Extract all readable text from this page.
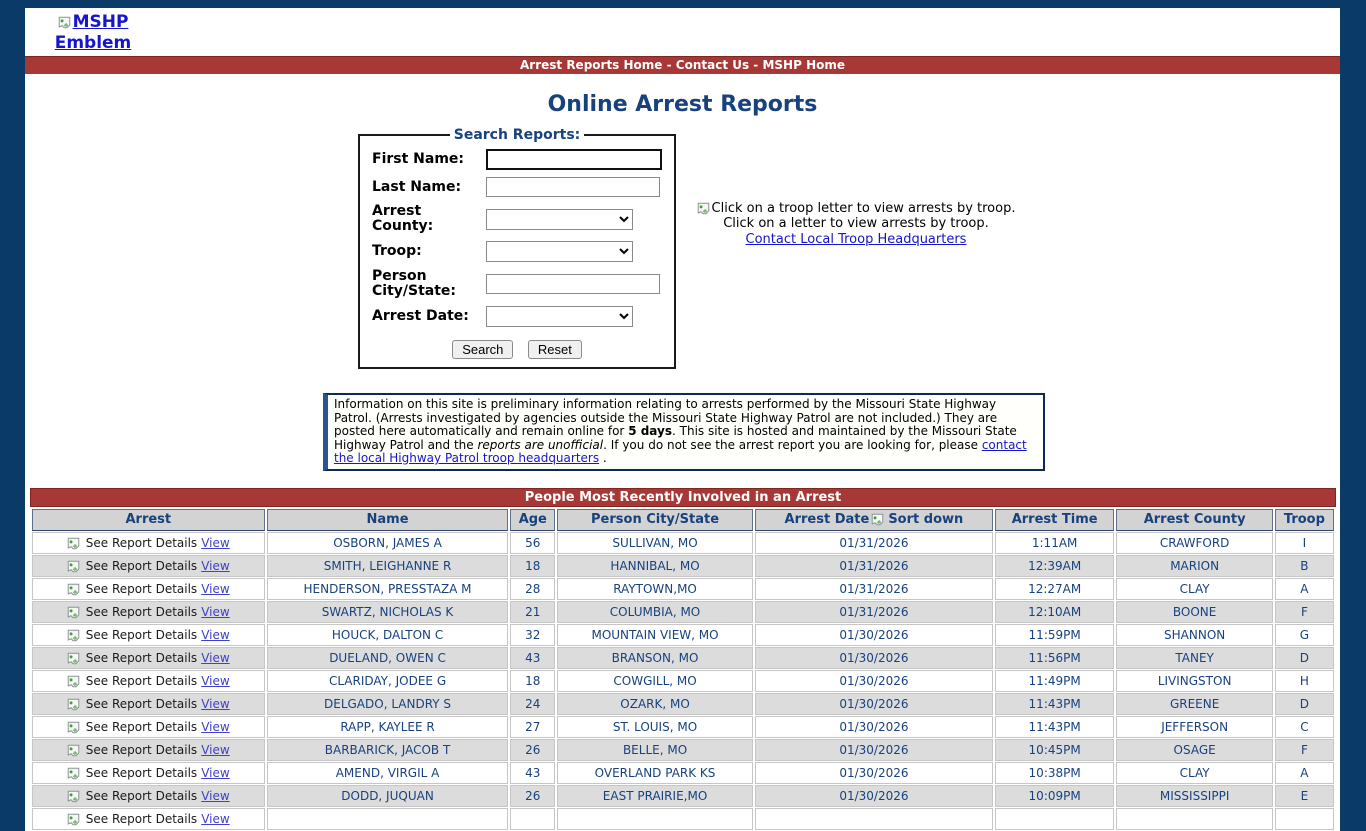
MSHP Emblem
Arrest Reports Home - Contact Us - MSHP Home
Online Arrest Reports
Search Reports:
First Name:
Last Name:
Arrest County:
Troop:
Person City/State:
Arrest Date:
Search	Reset
Click on a troop letter to view arrests by troop.
Click on a letter to view arrests by troop.
Contact Local Troop Headquarters
Information on this site is preliminary information relating to arrests performed by the Missouri State Highway Patrol. (Arrests investigated by agencies outside the Missouri State Highway Patrol are not included.) They are posted here automatically and remain online for 5 days. This site is hosted and maintained by the Missouri State Highway Patrol and the reports are unofficial. If you do not see the arrest report you are looking for, please contact the local Highway Patrol troop headquarters .
People Most Recently Involved in an Arrest
Arrest	Name	Age	Person City/State	Arrest Date Sort down	Arrest Time	Arrest County	Troop
See Report Details View	OSBORN, JAMES A	56	SULLIVAN, MO	01/31/2026	1:11AM	CRAWFORD	I
See Report Details View	SMITH, LEIGHANNE R	18	HANNIBAL, MO	01/31/2026	12:39AM	MARION	B
See Report Details View	HENDERSON, PRESSTAZA M	28	RAYTOWN,MO	01/31/2026	12:27AM	CLAY	A
See Report Details View	SWARTZ, NICHOLAS K	21	COLUMBIA, MO	01/31/2026	12:10AM	BOONE	F
See Report Details View	HOUCK, DALTON C	32	MOUNTAIN VIEW, MO	01/30/2026	11:59PM	SHANNON	G
See Report Details View	DUELAND, OWEN C	43	BRANSON, MO	01/30/2026	11:56PM	TANEY	D
See Report Details View	CLARIDAY, JODEE G	18	COWGILL, MO	01/30/2026	11:49PM	LIVINGSTON	H
See Report Details View	DELGADO, LANDRY S	24	OZARK, MO	01/30/2026	11:43PM	GREENE	D
See Report Details View	RAPP, KAYLEE R	27	ST. LOUIS, MO	01/30/2026	11:43PM	JEFFERSON	C
See Report Details View	BARBARICK, JACOB T	26	BELLE, MO	01/30/2026	10:45PM	OSAGE	F
See Report Details View	AMEND, VIRGIL A	43	OVERLAND PARK KS	01/30/2026	10:38PM	CLAY	A
See Report Details View	DODD, JUQUAN	26	EAST PRAIRIE,MO	01/30/2026	10:09PM	MISSISSIPPI	E
See Report Details View							
